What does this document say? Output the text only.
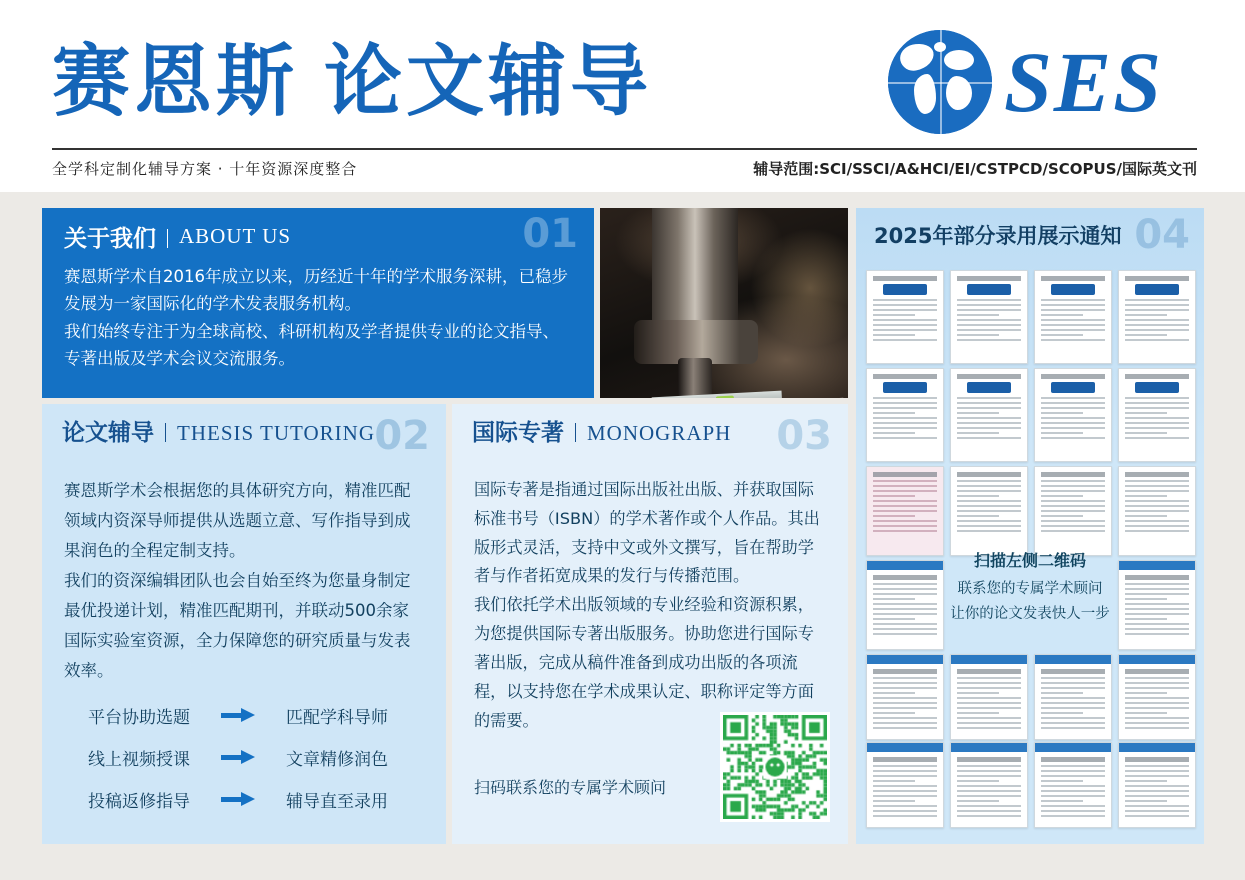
赛恩斯 论文辅导	SES
全学科定制化辅导方案 · 十年资源深度整合	辅导范围:SCI/SSCI/A&HCI/EI/CSTPCD/SCOPUS/国际英文刊
关于我们 ABOUT US	01

赛恩斯学术自2016年成立以来，历经近十年的学术服务深耕，已稳步发展为一家国际化的学术发表服务机构。

我们始终专注于为全球高校、科研机构及学者提供专业的论文指导、专著出版及学术会议交流服务。

论文辅导 THESIS TUTORING 02

赛恩斯学术会根据您的具体研究方向，精准匹配领域内资深导师提供从选题立意、写作指导到成果润色的全程定制支持。

我们的资深编辑团队也会自始至终为您量身制定最优投递计划，精准匹配期刊，并联动500余家国际实验室资源，全力保障您的研究质量与发表效率。

平台协助选题	匹配学科导师
线上视频授课	文章精修润色
投稿返修指导	辅导直至录用
国际专著 MONOGRAPH 03

国际专著是指通过国际出版社出版、并获取国际标准书号（ISBN）的学术著作或个人作品。其出版形式灵活，支持中文或外文撰写，旨在帮助学者与作者拓宽成果的发行与传播范围。

我们依托学术出版领域的专业经验和资源积累，为您提供国际专著出版服务。协助您进行国际专著出版，完成从稿件准备到成功出版的各项流程，以支持您在学术成果认定、职称评定等方面的需要。

扫码联系您的专属学术顾问
2025年部分录用展示通知 04
扫描左侧二维码
联系您的专属学术顾问
让你的论文发表快人一步
